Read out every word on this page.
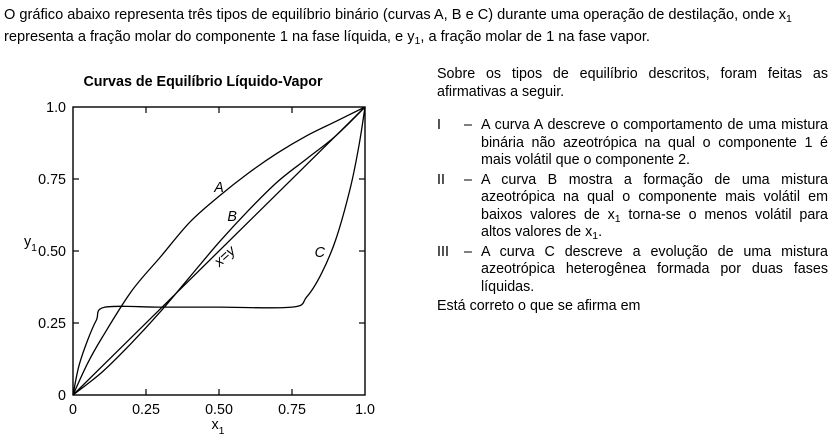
O gráfico abaixo representa três tipos de equilíbrio binário (curvas A, B e C) durante uma operação de destilação, onde $x_1$
representa a fração molar do componente 1 na fase líquida, e $y_1$, a fração molar de 1 na fase vapor.

Curvas de Equilíbrio Líquido-Vapor
0	0.25	0.50	0.75	1.0
0
0.25
0.50
0.75
1.0
A
B
x=y	C
$x_1$
$y_1$

Sobre os tipos de equilíbrio descritos, foram feitas as afirmativas a seguir.

I	– A curva A descreve o comportamento de uma mistura binária não azeotrópica na qual o componente 1 é mais volátil que o componente 2.
II	– A curva B mostra a formação de uma mistura azeotrópica na qual o componente mais volátil em baixos valores de $x_1$ torna-se o menos volátil para altos valores de $x_1$.
III	– A curva C descreve a evolução de uma mistura azeotrópica heterogênea formada por duas fases líquidas.

Está correto o que se afirma em
